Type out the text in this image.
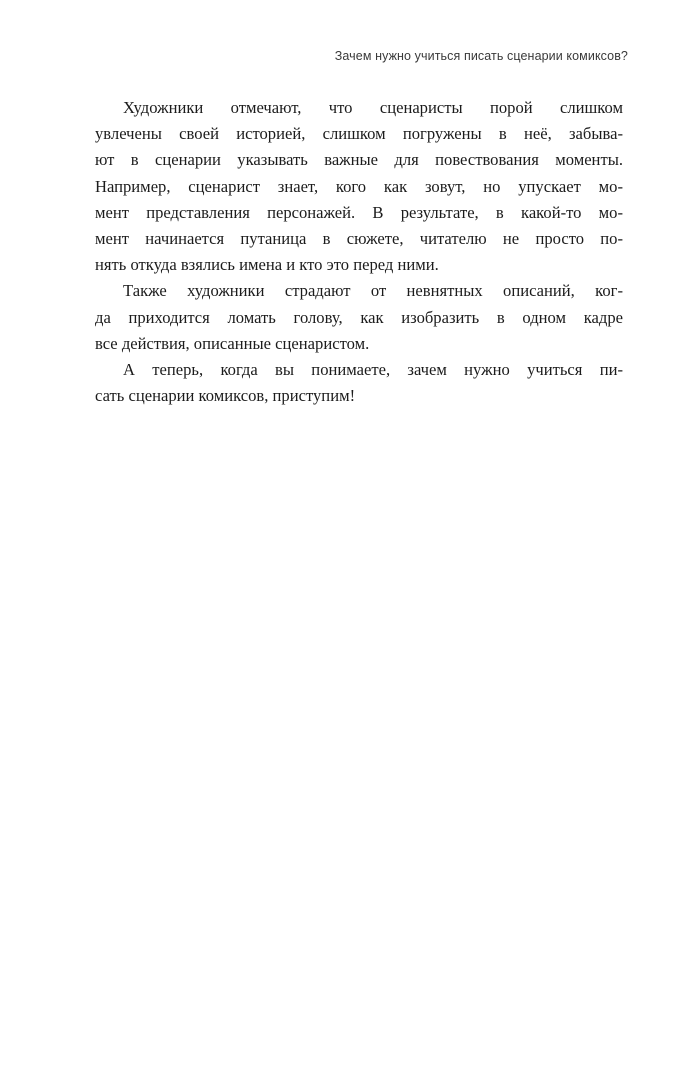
Зачем нужно учиться писать сценарии комиксов?
Художники отмечают, что сценаристы порой слишком
увлечены своей историей, слишком погружены в неё, забыва-
ют в сценарии указывать важные для повествования моменты.
Например, сценарист знает, кого как зовут, но упускает мо-
мент представления персонажей. В результате, в какой-то мо-
мент начинается путаница в сюжете, читателю не просто по-
нять откуда взялись имена и кто это перед ними.
Также художники страдают от невнятных описаний, ког-
да приходится ломать голову, как изобразить в одном кадре
все действия, описанные сценаристом.
А теперь, когда вы понимаете, зачем нужно учиться пи-
сать сценарии комиксов, приступим!
